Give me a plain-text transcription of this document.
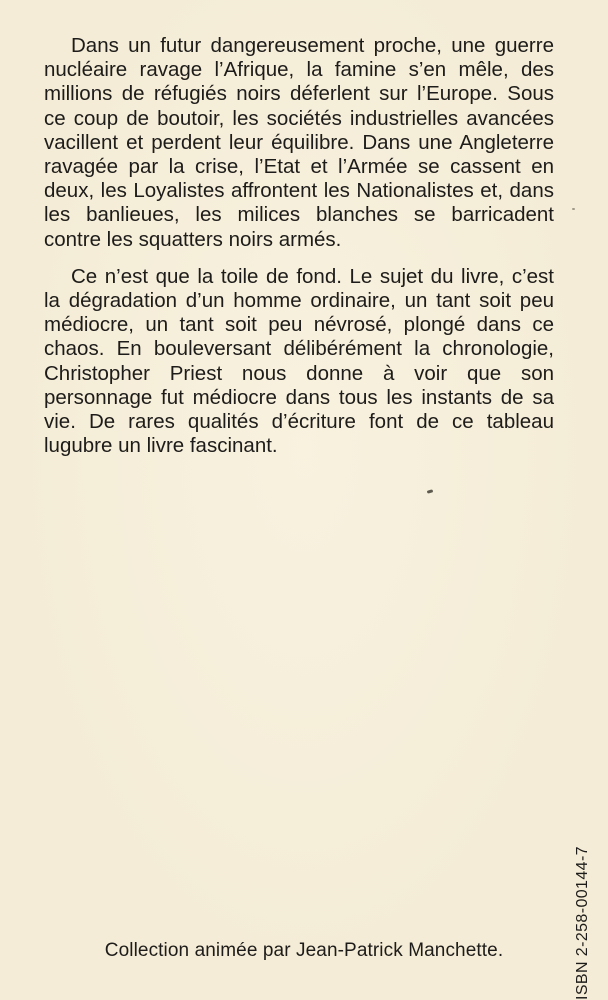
Dans un futur dangereusement proche, une guerre nucléaire ravage l’Afrique, la famine s’en mêle, des millions de réfugiés noirs déferlent sur l’Europe. Sous ce coup de boutoir, les sociétés industrielles avancées vacillent et perdent leur équilibre. Dans une Angleterre ravagée par la crise, l’Etat et l’Armée se cassent en deux, les Loyalistes affrontent les Nationalistes et, dans les banlieues, les milices blanches se barricadent contre les squatters noirs armés.

Ce n’est que la toile de fond. Le sujet du livre, c’est la dégradation d’un homme ordinaire, un tant soit peu médiocre, un tant soit peu névrosé, plongé dans ce chaos. En bouleversant délibérément la chronologie, Christopher Priest nous donne à voir que son personnage fut médiocre dans tous les instants de sa vie. De rares qualités d’écriture font de ce tableau lugubre un livre fascinant.

ISBN 2-258-00144-7
Collection animée par Jean-Patrick Manchette.
